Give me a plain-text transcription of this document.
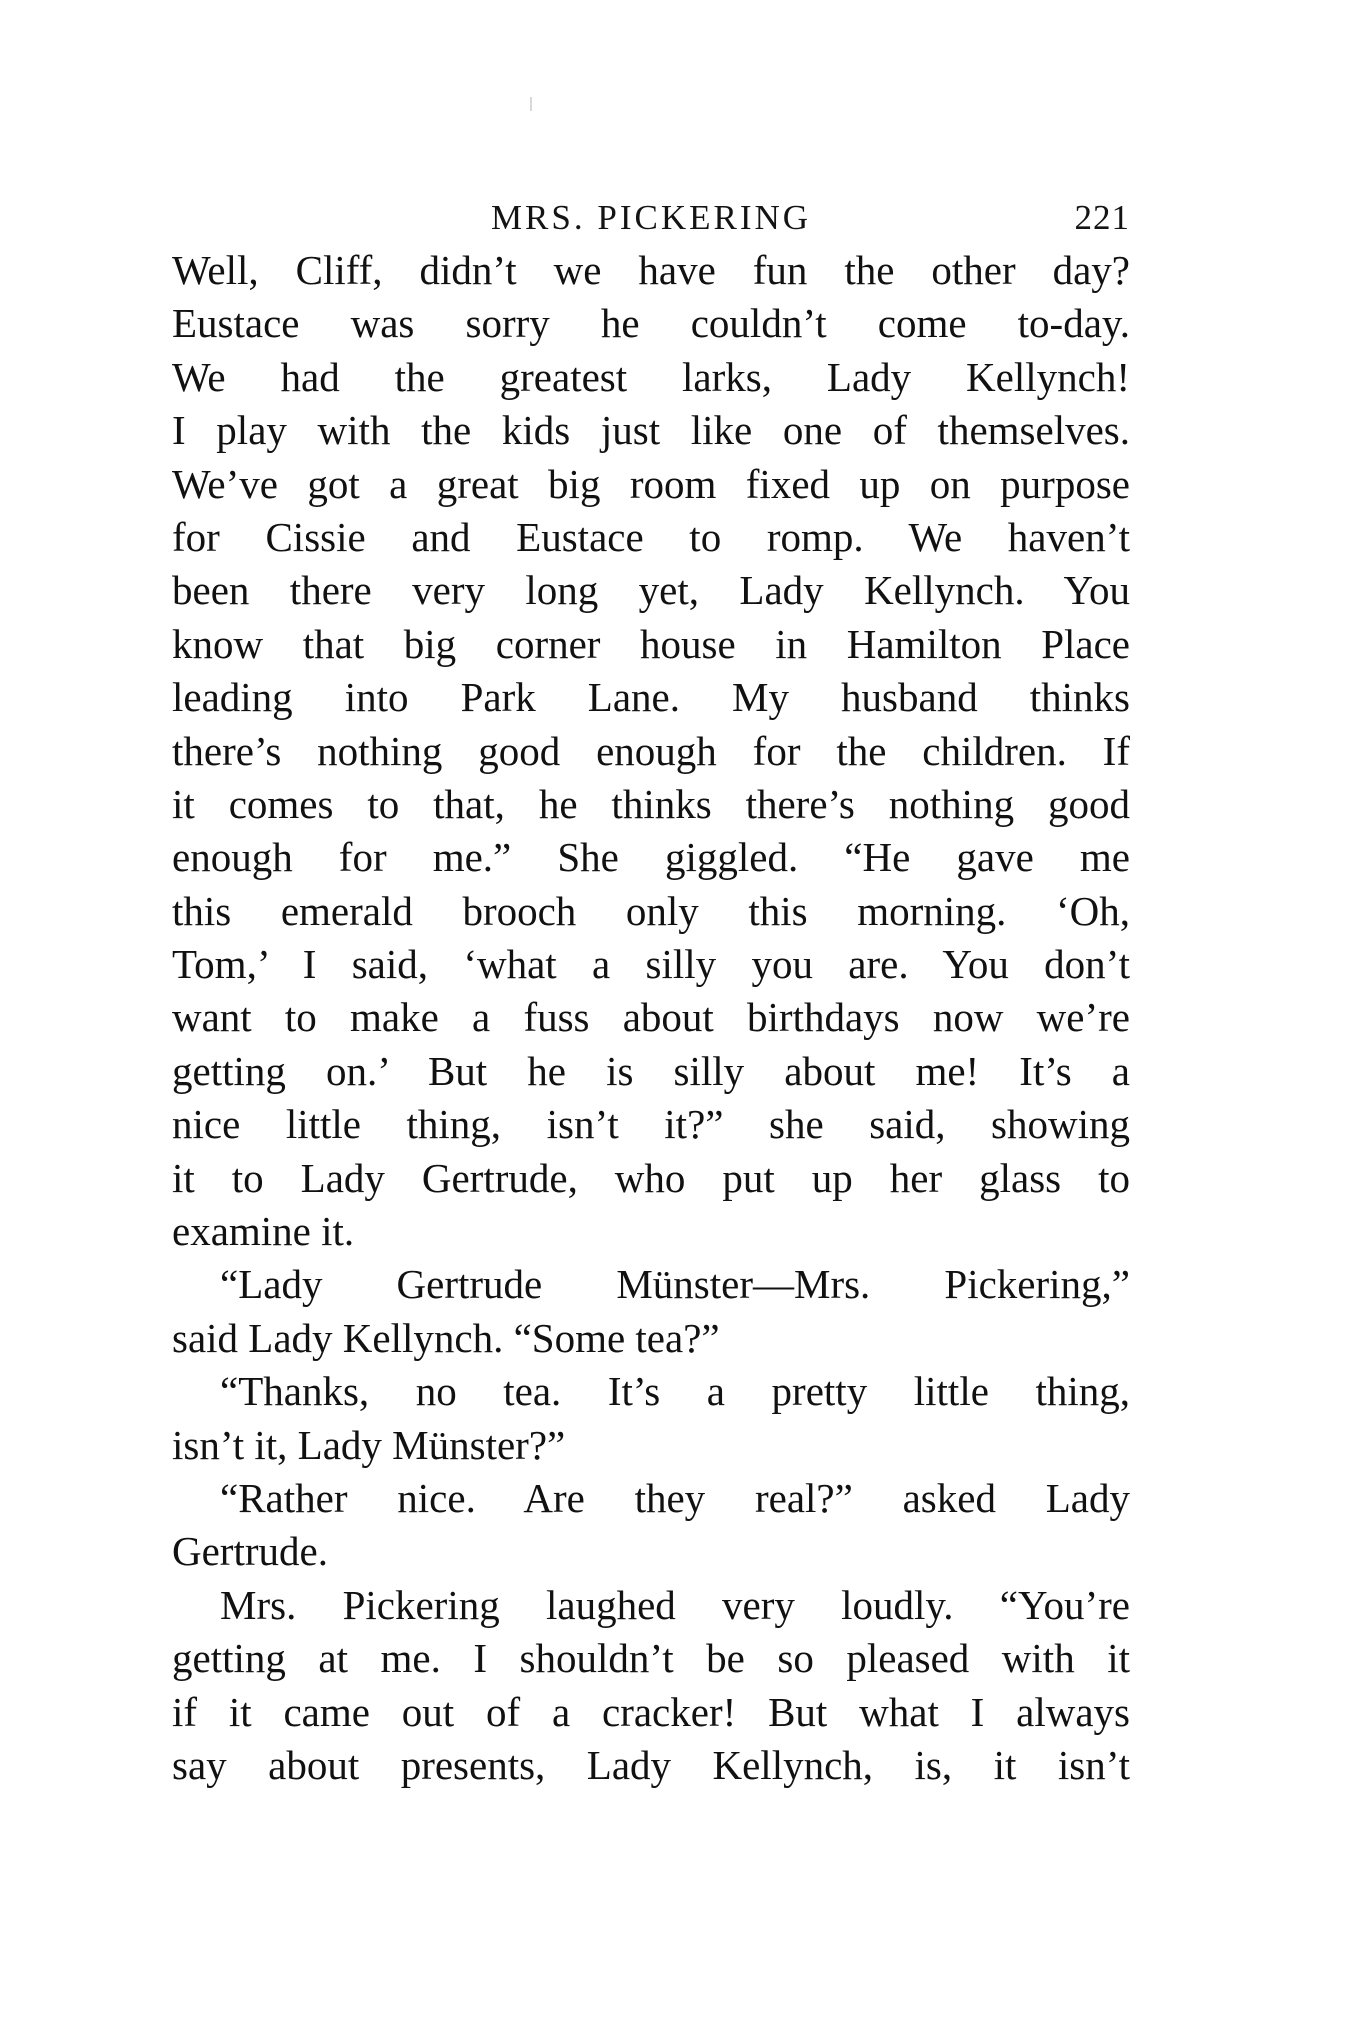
MRS. PICKERING	221
Well, Cliff, didn’t we have fun the other day?
Eustace was sorry he couldn’t come to-day.
We had the greatest larks, Lady Kellynch!
I play with the kids just like one of themselves.
We’ve got a great big room fixed up on purpose
for Cissie and Eustace to romp. We haven’t
been there very long yet, Lady Kellynch. You
know that big corner house in Hamilton Place
leading into Park Lane. My husband thinks
there’s nothing good enough for the children. If
it comes to that, he thinks there’s nothing good
enough for me.” She giggled. “He gave me
this emerald brooch only this morning. ‘Oh,
Tom,’ I said, ‘what a silly you are. You don’t
want to make a fuss about birthdays now we’re
getting on.’ But he is silly about me! It’s a
nice little thing, isn’t it?” she said, showing
it to Lady Gertrude, who put up her glass to
examine it.
“Lady Gertrude Münster—Mrs. Pickering,”
said Lady Kellynch. “Some tea?”
“Thanks, no tea. It’s a pretty little thing,
isn’t it, Lady Münster?”
“Rather nice. Are they real?” asked Lady
Gertrude.
Mrs. Pickering laughed very loudly. “You’re
getting at me. I shouldn’t be so pleased with it
if it came out of a cracker! But what I always
say about presents, Lady Kellynch, is, it isn’t
